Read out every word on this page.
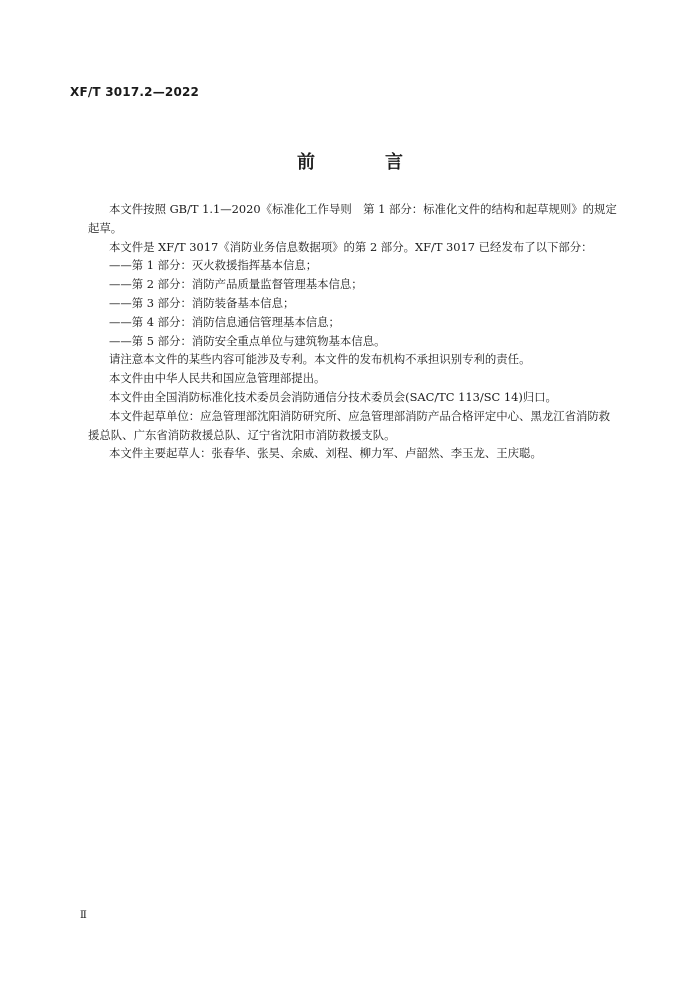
XF/T 3017.2—2022
前　言

本文件按照 GB/T 1.1—2020《标准化工作导则　第 1 部分：标准化文件的结构和起草规则》的规定起草。

本文件是 XF/T 3017《消防业务信息数据项》的第 2 部分。XF/T 3017 已经发布了以下部分：

——第 1 部分：灭火救援指挥基本信息；

——第 2 部分：消防产品质量监督管理基本信息；

——第 3 部分：消防装备基本信息；

——第 4 部分：消防信息通信管理基本信息；

——第 5 部分：消防安全重点单位与建筑物基本信息。

请注意本文件的某些内容可能涉及专利。本文件的发布机构不承担识别专利的责任。

本文件由中华人民共和国应急管理部提出。

本文件由全国消防标准化技术委员会消防通信分技术委员会(SAC/TC 113/SC 14)归口。

本文件起草单位：应急管理部沈阳消防研究所、应急管理部消防产品合格评定中心、黑龙江省消防救援总队、广东省消防救援总队、辽宁省沈阳市消防救援支队。

本文件主要起草人：张春华、张昊、余威、刘程、柳力军、卢韶然、李玉龙、王庆聪。

Ⅱ
